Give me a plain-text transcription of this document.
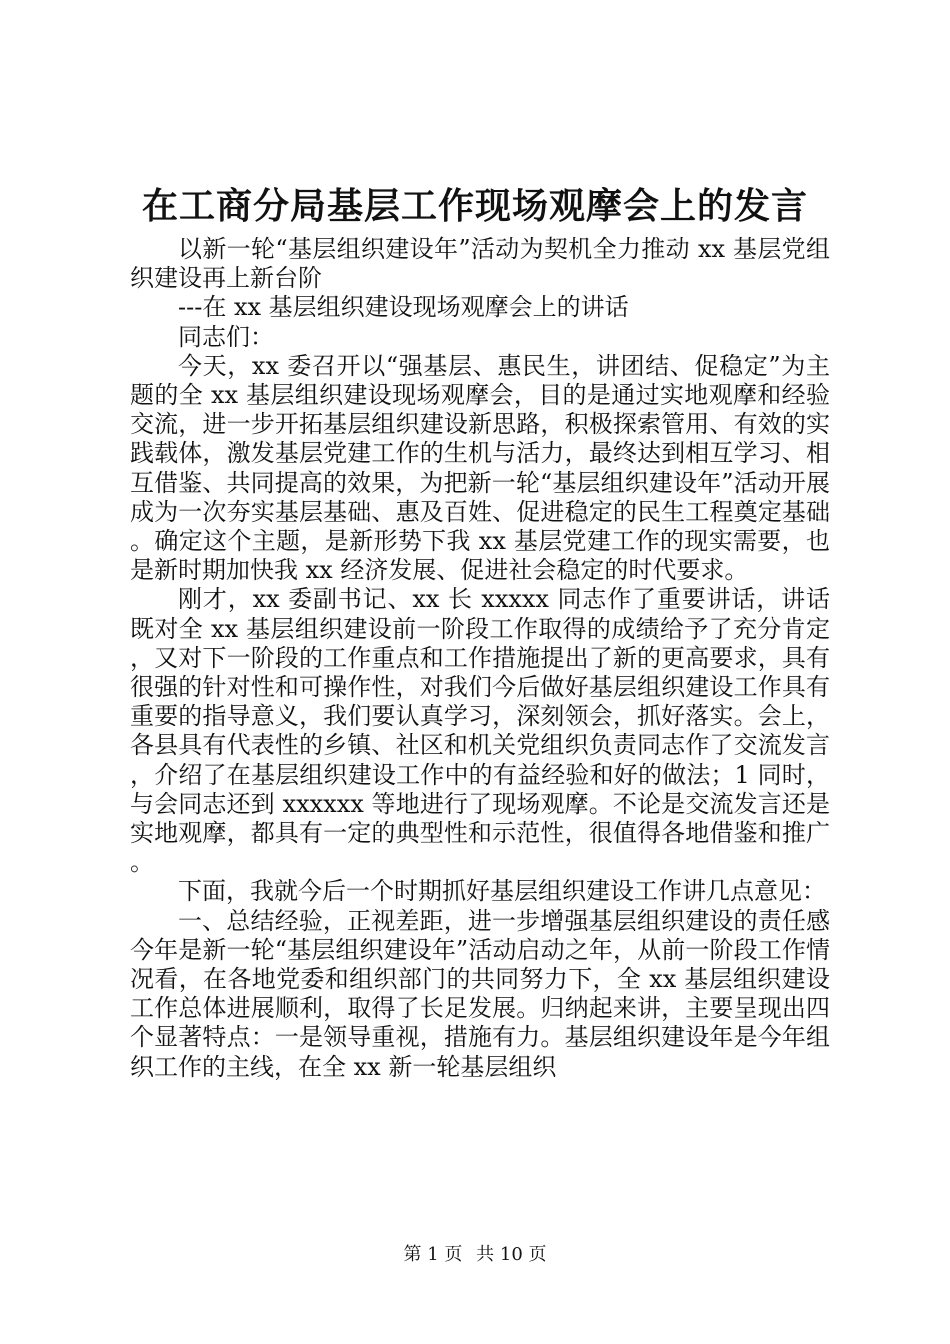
在工商分局基层工作现场观摩会上的发言

以新一轮“基层组织建设年”活动为契机全力推动 xx 基层党组织建设再上新台阶

---在 xx 基层组织建设现场观摩会上的讲话

同志们：

今天，xx 委召开以“强基层、惠民生，讲团结、促稳定”为主题的全 xx 基层组织建设现场观摩会，目的是通过实地观摩和经验交流，进一步开拓基层组织建设新思路，积极探索管用、有效的实践载体，激发基层党建工作的生机与活力，最终达到相互学习、相互借鉴、共同提高的效果，为把新一轮“基层组织建设年”活动开展成为一次夯实基层基础、惠及百姓、促进稳定的民生工程奠定基础。确定这个主题，是新形势下我 xx 基层党建工作的现实需要，也是新时期加快我 xx 经济发展、促进社会稳定的时代要求。

刚才，xx 委副书记、xx 长 xxxxx 同志作了重要讲话，讲话既对全 xx 基层组织建设前一阶段工作取得的成绩给予了充分肯定，又对下一阶段的工作重点和工作措施提出了新的更高要求，具有很强的针对性和可操作性，对我们今后做好基层组织建设工作具有重要的指导意义，我们要认真学习，深刻领会，抓好落实。会上，各县具有代表性的乡镇、社区和机关党组织负责同志作了交流发言，介绍了在基层组织建设工作中的有益经验和好的做法；1 同时，与会同志还到 xxxxxx 等地进行了现场观摩。不论是交流发言还是实地观摩，都具有一定的典型性和示范性，很值得各地借鉴和推广。

下面，我就今后一个时期抓好基层组织建设工作讲几点意见：

一、总结经验，正视差距，进一步增强基层组织建设的责任感今年是新一轮“基层组织建设年”活动启动之年，从前一阶段工作情况看，在各地党委和组织部门的共同努力下，全 xx 基层组织建设工作总体进展顺利，取得了长足发展。归纳起来讲，主要呈现出四个显著特点：一是领导重视，措施有力。基层组织建设年是今年组织工作的主线，在全 xx 新一轮基层组织

第 1 页 共 10 页
